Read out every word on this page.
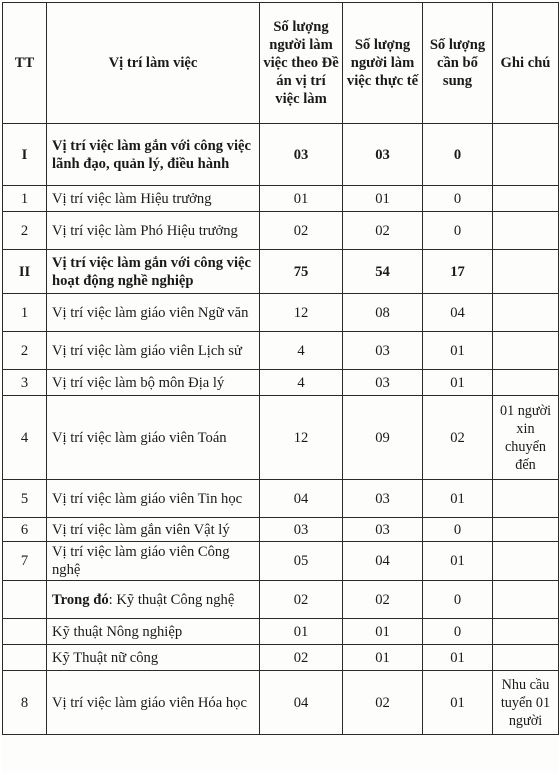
TT	Vị trí làm việc	Số lượng người làm việc theo Đề án vị trí việc làm	Số lượng người làm việc thực tế	Số lượng cần bổ sung	Ghi chú
I	Vị trí việc làm gắn với công việc lãnh đạo, quản lý, điều hành	03	03	0	
1	Vị trí việc làm Hiệu trưởng	01	01	0	
2	Vị trí việc làm Phó Hiệu trưởng	02	02	0	
II	Vị trí việc làm gắn với công việc hoạt động nghề nghiệp	75	54	17	
1	Vị trí việc làm giáo viên Ngữ văn	12	08	04	
2	Vị trí việc làm giáo viên Lịch sử	4	03	01	
3	Vị trí việc làm bộ môn Địa lý	4	03	01	
4	Vị trí việc làm giáo viên Toán	12	09	02	01 người xin chuyển đến
5	Vị trí việc làm giáo viên Tin học	04	03	01	
6	Vị trí việc làm gắn viên Vật lý	03	03	0	
7	Vị trí việc làm giáo viên Công nghệ	05	04	01	
	Trong đó: Kỹ thuật Công nghệ	02	02	0	
	Kỹ thuật Nông nghiệp	01	01	0	
	Kỹ Thuật nữ công	02	01	01	
8	Vị trí việc làm giáo viên Hóa học	04	02	01	Nhu cầu tuyển 01 người
